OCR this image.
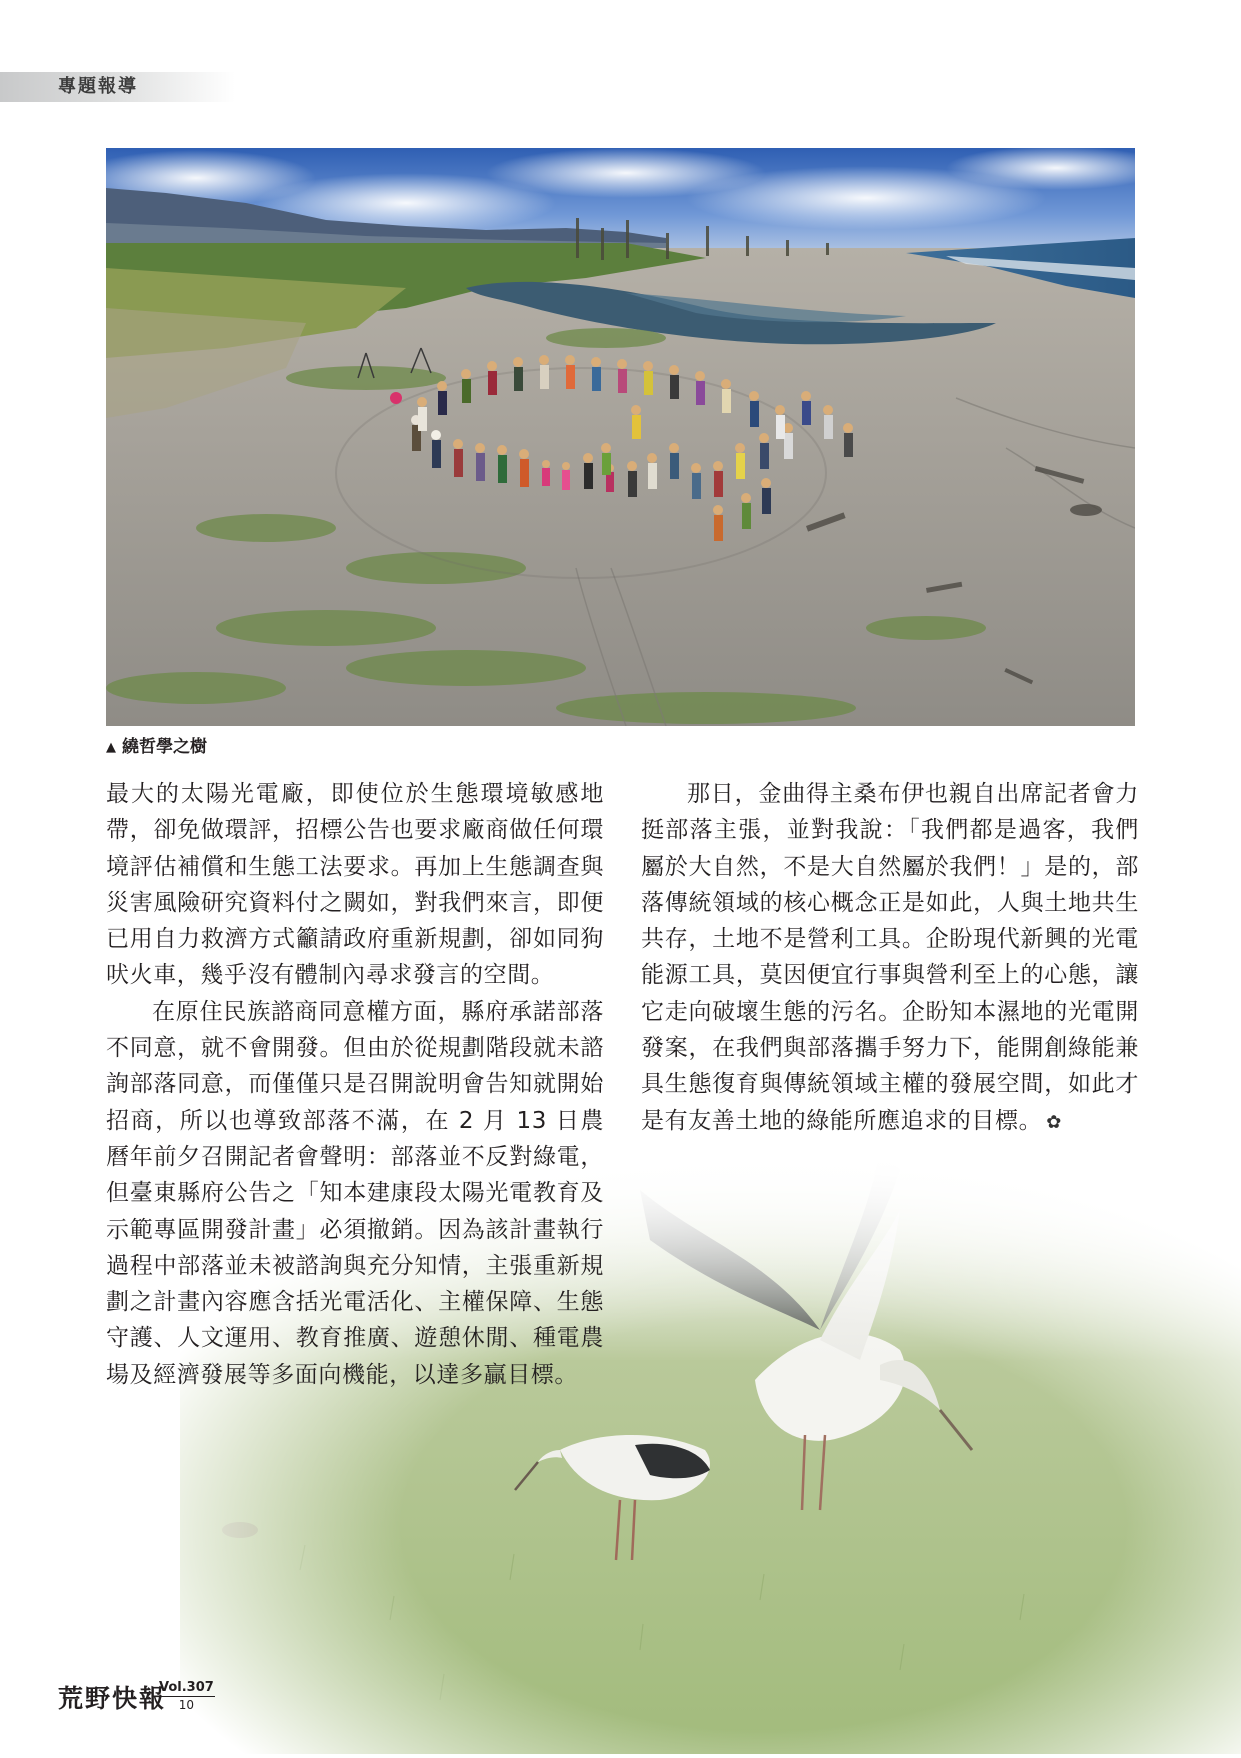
專題報導
▲ 繞哲學之樹

最大的太陽光電廠，即使位於生態環境敏感地帶，卻免做環評，招標公告也要求廠商做任何環境評估補償和生態工法要求。再加上生態調查與災害風險研究資料付之闕如，對我們來言，即便已用自力救濟方式籲請政府重新規劃，卻如同狗吠火車，幾乎沒有體制內尋求發言的空間。

在原住民族諮商同意權方面，縣府承諾部落不同意，就不會開發。但由於從規劃階段就未諮詢部落同意，而僅僅只是召開說明會告知就開始招商，所以也導致部落不滿，在 2 月 13 日農曆年前夕召開記者會聲明：部落並不反對綠電，但臺東縣府公告之「知本建康段太陽光電教育及示範專區開發計畫」必須撤銷。因為該計畫執行過程中部落並未被諮詢與充分知情，主張重新規劃之計畫內容應含括光電活化、主權保障、生態守護、人文運用、教育推廣、遊憩休閒、種電農場及經濟發展等多面向機能，以達多贏目標。

那日，金曲得主桑布伊也親自出席記者會力挺部落主張，並對我說：「我們都是過客，我們屬於大自然，不是大自然屬於我們！」是的，部落傳統領域的核心概念正是如此，人與土地共生共存，土地不是營利工具。企盼現代新興的光電能源工具，莫因便宜行事與營利至上的心態，讓它走向破壞生態的污名。企盼知本濕地的光電開發案，在我們與部落攜手努力下，能開創綠能兼具生態復育與傳統領域主權的發展空間，如此才是有友善土地的綠能所應追求的目標。 ✿

荒野快報
Vol.307
10
